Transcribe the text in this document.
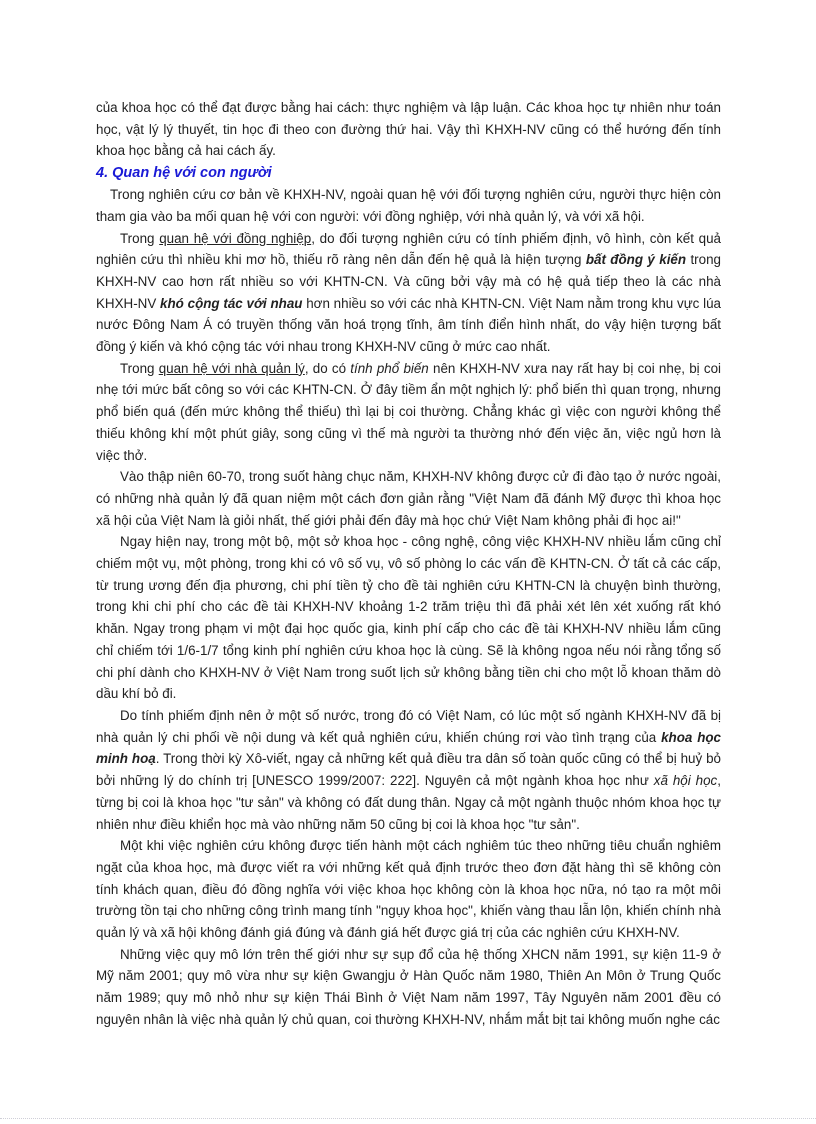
của khoa học có thể đạt được bằng hai cách: thực nghiệm và lập luận. Các khoa học tự nhiên như toán học, vật lý lý thuyết, tin học đi theo con đường thứ hai. Vậy thì KHXH-NV cũng có thể hướng đến tính khoa học bằng cả hai cách ấy.

4. Quan hệ với con người

Trong nghiên cứu cơ bản về KHXH-NV, ngoài quan hệ với đối tượng nghiên cứu, người thực hiện còn tham gia vào ba mối quan hệ với con người: với đồng nghiệp, với nhà quản lý, và với xã hội.

Trong quan hệ với đồng nghiệp, do đối tượng nghiên cứu có tính phiếm định, vô hình, còn kết quả nghiên cứu thì nhiều khi mơ hồ, thiếu rõ ràng nên dẫn đến hệ quả là hiện tượng bất đồng ý kiến trong KHXH-NV cao hơn rất nhiều so với KHTN-CN. Và cũng bởi vậy mà có hệ quả tiếp theo là các nhà KHXH-NV khó cộng tác với nhau hơn nhiều so với các nhà KHTN-CN. Việt Nam nằm trong khu vực lúa nước Đông Nam Á có truyền thống văn hoá trọng tĩnh, âm tính điển hình nhất, do vậy hiện tượng bất đồng ý kiến và khó cộng tác với nhau trong KHXH-NV cũng ở mức cao nhất.

Trong quan hệ với nhà quản lý, do có tính phổ biến nên KHXH-NV xưa nay rất hay bị coi nhẹ, bị coi nhẹ tới mức bất công so với các KHTN-CN. Ở đây tiềm ẩn một nghịch lý: phổ biến thì quan trọng, nhưng phổ biến quá (đến mức không thể thiếu) thì lại bị coi thường. Chẳng khác gì việc con người không thể thiếu không khí một phút giây, song cũng vì thế mà người ta thường nhớ đến việc ăn, việc ngủ hơn là việc thở.

Vào thập niên 60-70, trong suốt hàng chục năm, KHXH-NV không được cử đi đào tạo ở nước ngoài, có những nhà quản lý đã quan niệm một cách đơn giản rằng "Việt Nam đã đánh Mỹ được thì khoa học xã hội của Việt Nam là giỏi nhất, thế giới phải đến đây mà học chứ Việt Nam không phải đi học ai!"

Ngay hiện nay, trong một bộ, một sở khoa học - công nghệ, công việc KHXH-NV nhiều lắm cũng chỉ chiếm một vụ, một phòng, trong khi có vô số vụ, vô số phòng lo các vấn đề KHTN-CN. Ở tất cả các cấp, từ trung ương đến địa phương, chi phí tiền tỷ cho đề tài nghiên cứu KHTN-CN là chuyện bình thường, trong khi chi phí cho các đề tài KHXH-NV khoảng 1-2 trăm triệu thì đã phải xét lên xét xuống rất khó khăn. Ngay trong phạm vi một đại học quốc gia, kinh phí cấp cho các đề tài KHXH-NV nhiều lắm cũng chỉ chiếm tới 1/6-1/7 tổng kinh phí nghiên cứu khoa học là cùng. Sẽ là không ngoa nếu nói rằng tổng số chi phí dành cho KHXH-NV ở Việt Nam trong suốt lịch sử không bằng tiền chi cho một lỗ khoan thăm dò dầu khí bỏ đi.

Do tính phiếm định nên ở một số nước, trong đó có Việt Nam, có lúc một số ngành KHXH-NV đã bị nhà quản lý chi phối về nội dung và kết quả nghiên cứu, khiến chúng rơi vào tình trạng của khoa học minh hoạ. Trong thời kỳ Xô-viết, ngay cả những kết quả điều tra dân số toàn quốc cũng có thể bị huỷ bỏ bởi những lý do chính trị [UNESCO 1999/2007: 222]. Nguyên cả một ngành khoa học như xã hội học, từng bị coi là khoa học "tư sản" và không có đất dung thân. Ngay cả một ngành thuộc nhóm khoa học tự nhiên như điều khiển học mà vào những năm 50 cũng bị coi là khoa học "tư sản".

Một khi việc nghiên cứu không được tiến hành một cách nghiêm túc theo những tiêu chuẩn nghiêm ngặt của khoa học, mà được viết ra với những kết quả định trước theo đơn đặt hàng thì sẽ không còn tính khách quan, điều đó đồng nghĩa với việc khoa học không còn là khoa học nữa, nó tạo ra một môi trường tồn tại cho những công trình mang tính "ngụy khoa học", khiến vàng thau lẫn lộn, khiến chính nhà quản lý và xã hội không đánh giá đúng và đánh giá hết được giá trị của các nghiên cứu KHXH-NV.

Những việc quy mô lớn trên thế giới như sự sụp đổ của hệ thống XHCN năm 1991, sự kiện 11-9 ở Mỹ năm 2001; quy mô vừa như sự kiện Gwangju ở Hàn Quốc năm 1980, Thiên An Môn ở Trung Quốc năm 1989; quy mô nhỏ như sự kiện Thái Bình ở Việt Nam năm 1997, Tây Nguyên năm 2001 đều có nguyên nhân là việc nhà quản lý chủ quan, coi thường KHXH-NV, nhắm mắt bịt tai không muốn nghe các
